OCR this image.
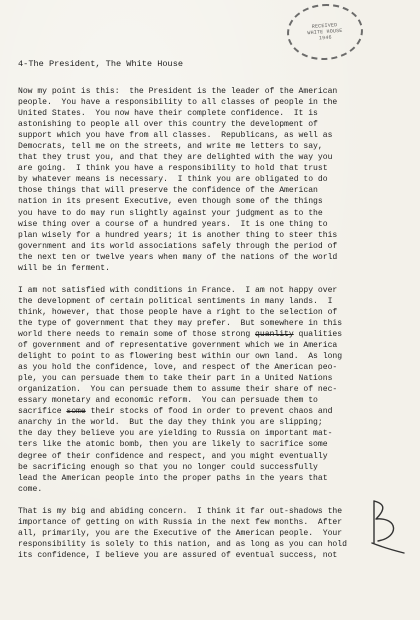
RECEIVED
WHITE HOUSE
1946
4-The President, The White House
Now my point is this:  the President is the leader of the American
people.  You have a responsibility to all classes of people in the
United States.  You now have their complete confidence.  It is
astonishing to people all over this country the development of
support which you have from all classes.  Republicans, as well as
Democrats, tell me on the streets, and write me letters to say,
that they trust you, and that they are delighted with the way you
are going.  I think you have a responsibility to hold that trust
by whatever means is necessary.  I think you are obligated to do
those things that will preserve the confidence of the American
nation in its present Executive, even though some of the things
you have to do may run slightly against your judgment as to the
wise thing over a course of a hundred years.  It is one thing to
plan wisely for a hundred years; it is another thing to steer this
government and its world associations safely through the period of
the next ten or twelve years when many of the nations of the world
will be in ferment.
I am not satisfied with conditions in France.  I am not happy over
the development of certain political sentiments in many lands.  I
think, however, that those people have a right to the selection of
the type of government that they may prefer.  But somewhere in this
world there needs to remain some of those strong quanlity qualities
of government and of representative government which we in America
delight to point to as flowering best within our own land.  As long
as you hold the confidence, love, and respect of the American peo-
ple, you can persuade them to take their part in a United Nations
organization.  You can persuade them to assume their share of nec-
essary monetary and economic reform.  You can persuade them to
sacrifice some their stocks of food in order to prevent chaos and
anarchy in the world.  But the day they think you are slipping;
the day they believe you are yielding to Russia on important mat-
ters like the atomic bomb, then you are likely to sacrifice some
degree of their confidence and respect, and you might eventually
be sacrificing enough so that you no longer could successfully
lead the American people into the proper paths in the years that
come.
That is my big and abiding concern.  I think it far out-shadows the
importance of getting on with Russia in the next few months.  After
all, primarily, you are the Executive of the American people.  Your
responsibility is solely to this nation, and as long as you can hold
its confidence, I believe you are assured of eventual success, not
